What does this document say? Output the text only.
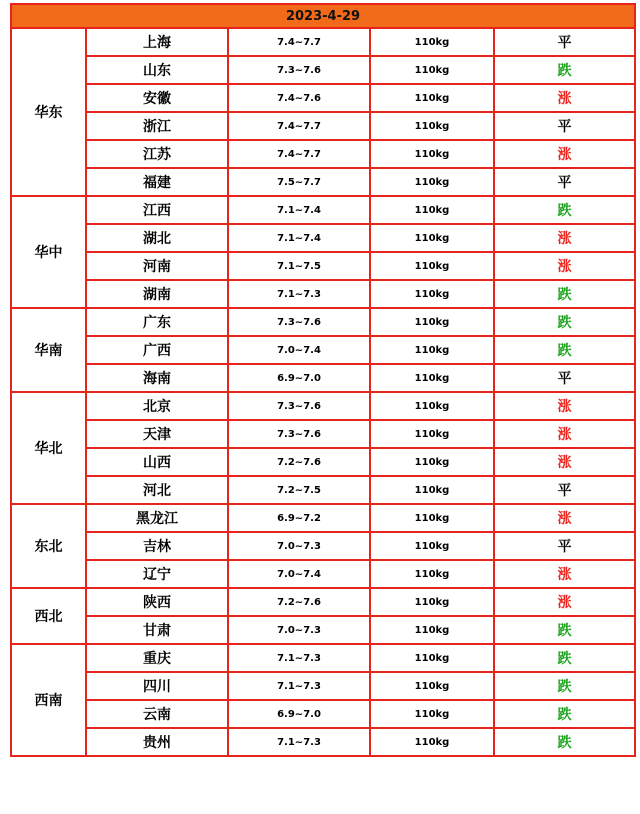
2023-4-29				
华东	上海	7.4~7.7	110kg	平
	山东	7.3~7.6	110kg	跌
	安徽	7.4~7.6	110kg	涨
	浙江	7.4~7.7	110kg	平
	江苏	7.4~7.7	110kg	涨
	福建	7.5~7.7	110kg	平
华中	江西	7.1~7.4	110kg	跌
	湖北	7.1~7.4	110kg	涨
	河南	7.1~7.5	110kg	涨
	湖南	7.1~7.3	110kg	跌
华南	广东	7.3~7.6	110kg	跌
	广西	7.0~7.4	110kg	跌
	海南	6.9~7.0	110kg	平
华北	北京	7.3~7.6	110kg	涨
	天津	7.3~7.6	110kg	涨
	山西	7.2~7.6	110kg	涨
	河北	7.2~7.5	110kg	平
东北	黑龙江	6.9~7.2	110kg	涨
	吉林	7.0~7.3	110kg	平
	辽宁	7.0~7.4	110kg	涨
西北	陕西	7.2~7.6	110kg	涨
	甘肃	7.0~7.3	110kg	跌
西南	重庆	7.1~7.3	110kg	跌
	四川	7.1~7.3	110kg	跌
	云南	6.9~7.0	110kg	跌
	贵州	7.1~7.3	110kg	跌
